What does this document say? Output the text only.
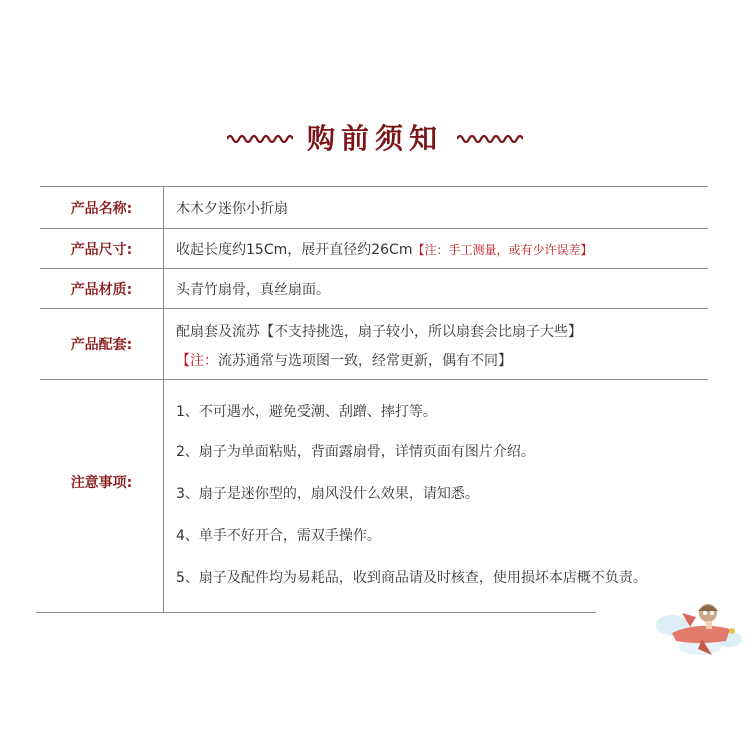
购前须知
产品名称:	木木夕迷你小折扇
产品尺寸:	收起长度约15Cm，展开直径约26Cm【注：手工测量，或有少许误差】
产品材质:	头青竹扇骨，真丝扇面。
产品配套:
配扇套及流苏【不支持挑选，扇子较小，所以扇套会比扇子大些】
【注：流苏通常与选项图一致，经常更新，偶有不同】
注意事项:
1、不可遇水，避免受潮、刮蹭、摔打等。
2、扇子为单面粘贴，背面露扇骨，详情页面有图片介绍。
3、扇子是迷你型的，扇风没什么效果，请知悉。
4、单手不好开合，需双手操作。
5、扇子及配件均为易耗品，收到商品请及时核查，使用损坏本店概不负责。
